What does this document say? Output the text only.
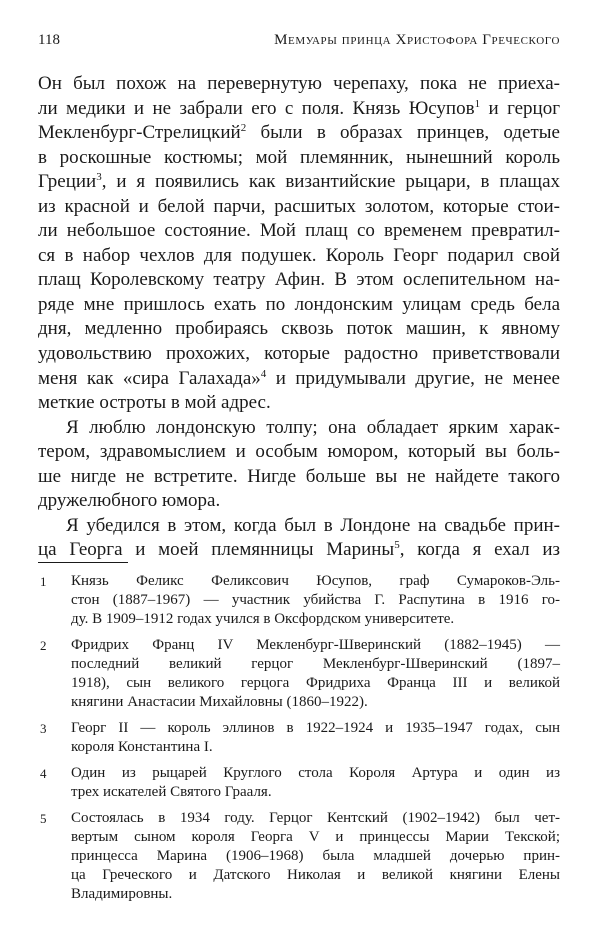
118	Мемуары принца Христофора Греческого
Он был похож на перевернутую черепаху, пока не приеха-
ли медики и не забрали его с поля. Князь Юсупов$^1$ и герцог
Мекленбург-Стрелицкий$^2$ были в образах принцев, одетые
в роскошные костюмы; мой племянник, нынешний король
Греции$^3$, и я появились как византийские рыцари, в плащах
из красной и белой парчи, расшитых золотом, которые стои-
ли небольшое состояние. Мой плащ со временем превратил-
ся в набор чехлов для подушек. Король Георг подарил свой
плащ Королевскому театру Афин. В этом ослепительном на-
ряде мне пришлось ехать по лондонским улицам средь бела
дня, медленно пробираясь сквозь поток машин, к явному
удовольствию прохожих, которые радостно приветствовали
меня как «сира Галахада»$^4$ и придумывали другие, не менее
меткие остроты в мой адрес.
Я люблю лондонскую толпу; она обладает ярким харак-
тером, здравомыслием и особым юмором, который вы боль-
ше нигде не встретите. Нигде больше вы не найдете такого
дружелюбного юмора.
Я убедился в этом, когда был в Лондоне на свадьбе прин-
ца Георга и моей племянницы Марины$^5$, когда я ехал из
1 Князь Феликс Феликсович Юсупов, граф Сумароков-Эль-
стон (1887–1967) — участник убийства Г. Распутина в 1916 го-
ду. В 1909–1912 годах учился в Оксфордском университете.
2 Фридрих Франц IV Мекленбург-Шверинский (1882–1945) —
последний великий герцог Мекленбург-Шверинский (1897–
1918), сын великого герцога Фридриха Франца III и великой
княгини Анастасии Михайловны (1860–1922).
3 Георг II — король эллинов в 1922–1924 и 1935–1947 годах, сын
короля Константина I.
4 Один из рыцарей Круглого стола Короля Артура и один из
трех искателей Святого Грааля.
5 Состоялась в 1934 году. Герцог Кентский (1902–1942) был чет-
вертым сыном короля Георга V и принцессы Марии Текской;
принцесса Марина (1906–1968) была младшей дочерью прин-
ца Греческого и Датского Николая и великой княгини Елены
Владимировны.
